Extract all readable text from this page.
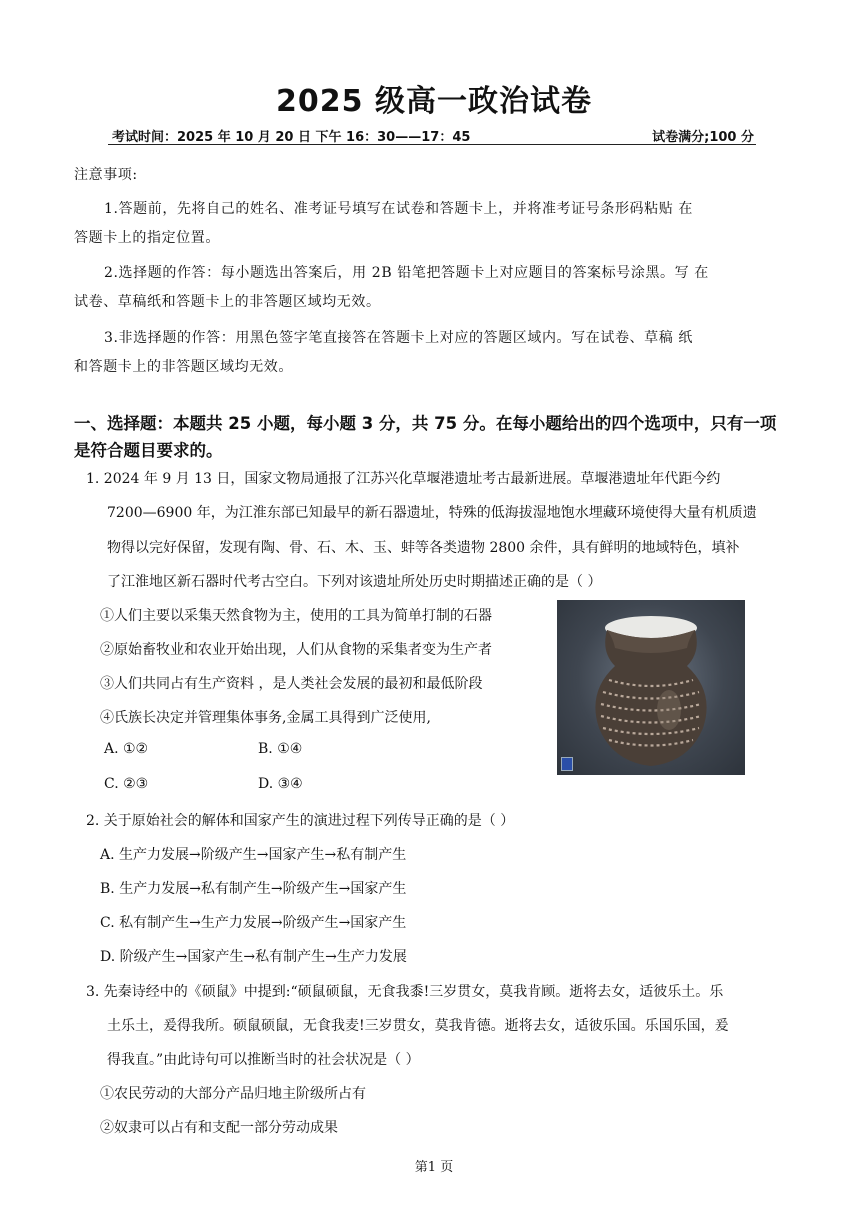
2025 级高一政治试卷
考试时间：2025 年 10 月 20 日 下午 16：30——17：45	试卷满分;100 分
注意事项:
1.答题前，先将自己的姓名、准考证号填写在试卷和答题卡上，并将准考证号条形码粘贴 在
答题卡上的指定位置。
2.选择题的作答：每小题选出答案后，用 2B 铅笔把答题卡上对应题目的答案标号涂黑。写 在
试卷、草稿纸和答题卡上的非答题区域均无效。
3.非选择题的作答：用黑色签字笔直接答在答题卡上对应的答题区域内。写在试卷、草稿 纸
和答题卡上的非答题区域均无效。
一、选择题：本题共 25 小题，每小题 3 分，共 75 分。在每小题给出的四个选项中，只有一项
是符合题目要求的。
1. 2024 年 9 月 13 日，国家文物局通报了江苏兴化草堰港遗址考古最新进展。草堰港遗址年代距今约
7200—6900 年，为江淮东部已知最早的新石器遗址，特殊的低海拔湿地饱水埋藏环境使得大量有机质遗
物得以完好保留，发现有陶、骨、石、木、玉、蚌等各类遗物 2800 余件，具有鲜明的地域特色，填补
了江淮地区新石器时代考古空白。下列对该遗址所处历史时期描述正确的是（ ）
①人们主要以采集天然食物为主，使用的工具为简单打制的石器
②原始畜牧业和农业开始出现，人们从食物的采集者变为生产者
③人们共同占有生产资料 ，是人类社会发展的最初和最低阶段
④氏族长决定并管理集体事务,金属工具得到广泛使用,
A. ①②	B. ①④
C. ②③	D. ③④
2. 关于原始社会的解体和国家产生的演进过程下列传导正确的是（ ）
A. 生产力发展→阶级产生→国家产生→私有制产生
B. 生产力发展→私有制产生→阶级产生→国家产生
C. 私有制产生→生产力发展→阶级产生→国家产生
D. 阶级产生→国家产生→私有制产生→生产力发展
3. 先秦诗经中的《硕鼠》中提到:“硕鼠硕鼠，无食我黍!三岁贯女，莫我肯顾。逝将去女，适彼乐土。乐
土乐土，爰得我所。硕鼠硕鼠，无食我麦!三岁贯女，莫我肯德。逝将去女，适彼乐国。乐国乐国，爰
得我直。”由此诗句可以推断当时的社会状况是（ ）
①农民劳动的大部分产品归地主阶级所占有
②奴隶可以占有和支配一部分劳动成果
第1 页
